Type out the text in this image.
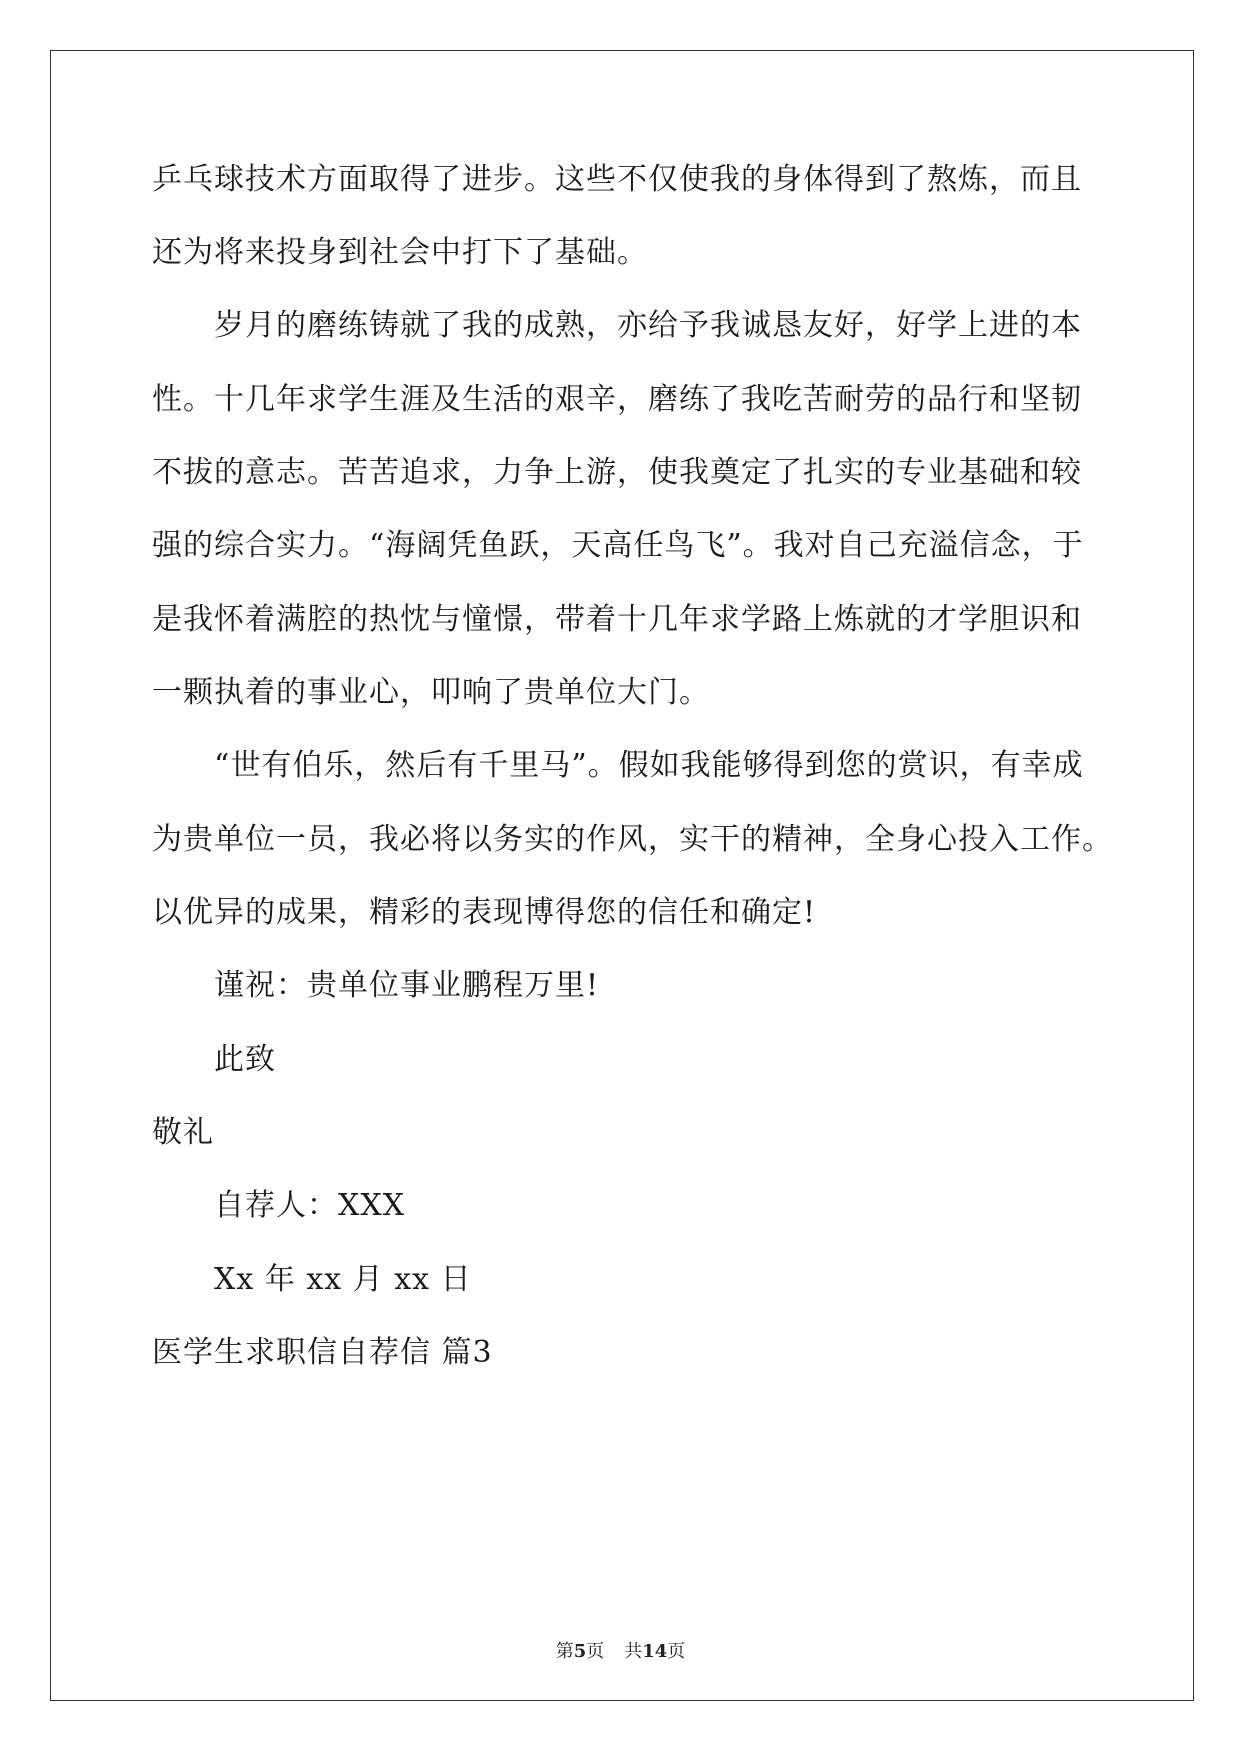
乒乓球技术方面取得了进步。这些不仅使我的身体得到了熬炼，而且
还为将来投身到社会中打下了基础。
岁月的磨练铸就了我的成熟，亦给予我诚恳友好，好学上进的本
性。十几年求学生涯及生活的艰辛，磨练了我吃苦耐劳的品行和坚韧
不拔的意志。苦苦追求，力争上游，使我奠定了扎实的专业基础和较
强的综合实力。“海阔凭鱼跃，天高任鸟飞”。我对自己充溢信念，于
是我怀着满腔的热忱与憧憬，带着十几年求学路上炼就的才学胆识和
一颗执着的事业心，叩响了贵单位大门。
“世有伯乐，然后有千里马”。假如我能够得到您的赏识，有幸成
为贵单位一员，我必将以务实的作风，实干的精神，全身心投入工作。
以优异的成果，精彩的表现博得您的信任和确定!
谨祝：贵单位事业鹏程万里!
此致
敬礼
自荐人：XXX
Xx 年 xx 月 xx 日
医学生求职信自荐信 篇3
第5页 共14页
